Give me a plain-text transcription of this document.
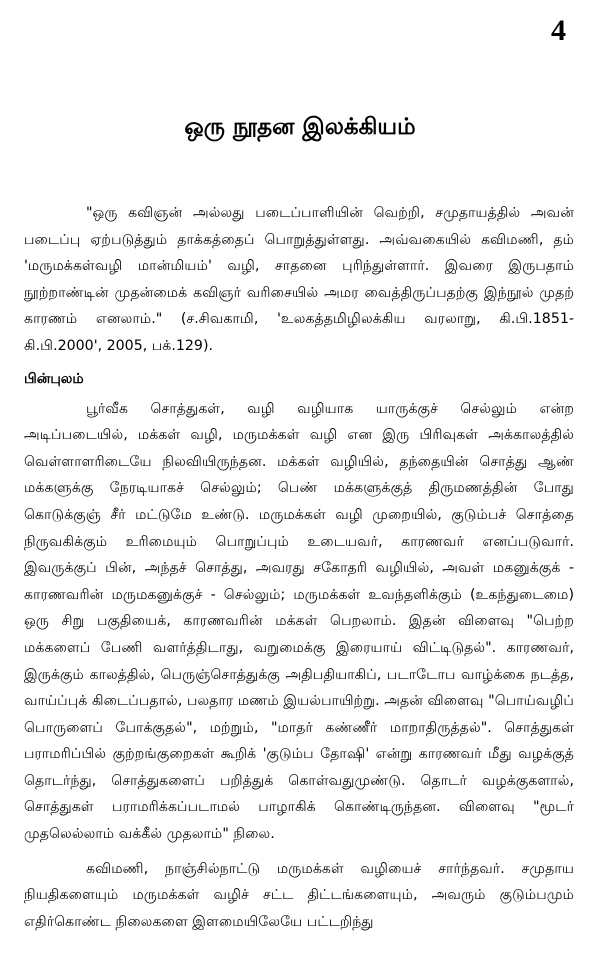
4
ஒரு நூதன இலக்கியம்

"ஒரு கவிஞன் அல்லது படைப்பாளியின் வெற்றி, சமுதாயத்தில் அவன் படைப்பு ஏற்படுத்தும் தாக்கத்தைப் பொறுத்துள்ளது. அவ்வகையில் கவிமணி, தம் 'மருமக்கள்வழி மான்மியம்' வழி, சாதனை புரிந்துள்ளார். இவரை இருபதாம் நூற்றாண்டின் முதன்மைக் கவிஞர் வரிசையில் அமர வைத்திருப்பதற்கு இந்நூல் முதற் காரணம் எனலாம்." (ச.சிவகாமி, 'உலகத்தமிழிலக்கிய வரலாறு, கி.பி.1851- கி.பி.2000', 2005, பக்.129).

பின்புலம்

பூர்வீக சொத்துகள், வழி வழியாக யாருக்குச் செல்லும் என்ற அடிப்படையில், மக்கள் வழி, மருமக்கள் வழி என இரு பிரிவுகள் அக்காலத்தில் வெள்ளாளரிடையே நிலவியிருந்தன. மக்கள் வழியில், தந்தையின் சொத்து ஆண் மக்களுக்கு நேரடியாகச் செல்லும்; பெண் மக்களுக்குத் திருமணத்தின் போது கொடுக்குஞ் சீர் மட்டுமே உண்டு. மருமக்கள் வழி முறையில், குடும்பச் சொத்தை நிருவகிக்கும் உரிமையும் பொறுப்பும் உடையவர், காரணவர் எனப்படுவார். இவருக்குப் பின், அந்தச் சொத்து, அவரது சகோதரி வழியில், அவள் மகனுக்குக் - காரணவரின் மருமகனுக்குச் - செல்லும்; மருமக்கள் உவந்தளிக்கும் (உகந்துடைமை) ஒரு சிறு பகுதியைக், காரணவரின் மக்கள் பெறலாம். இதன் விளைவு "பெற்ற மக்களைப் பேணி வளர்த்திடாது, வறுமைக்கு இரையாய் விட்டிடுதல்". காரணவர், இருக்கும் காலத்தில், பெருஞ்சொத்துக்கு அதிபதியாகிப், படாடோப வாழ்க்கை நடத்த, வாய்ப்புக் கிடைப்பதால், பலதார மணம் இயல்பாயிற்று. அதன் விளைவு "பொய்வழிப் பொருளைப் போக்குதல்", மற்றும், "மாதர் கண்ணீர் மாறாதிருத்தல்". சொத்துகள் பராமரிப்பில் குற்றங்குறைகள் கூறிக் 'குடும்ப தோஷி' என்று காரணவர் மீது வழக்குத் தொடர்ந்து, சொத்துகளைப் பறித்துக் கொள்வதுமுண்டு. தொடர் வழக்குகளால், சொத்துகள் பராமரிக்கப்படாமல் பாழாகிக் கொண்டிருந்தன. விளைவு "மூடர் முதலெல்லாம் வக்கீல் முதலாம்" நிலை.

கவிமணி, நாஞ்சில்நாட்டு மருமக்கள் வழியைச் சார்ந்தவர். சமுதாய நியதிகளையும் மருமக்கள் வழிச் சட்ட திட்டங்களையும், அவரும் குடும்பமும் எதிர்கொண்ட நிலைகளை இளமையிலேயே பட்டறிந்து
